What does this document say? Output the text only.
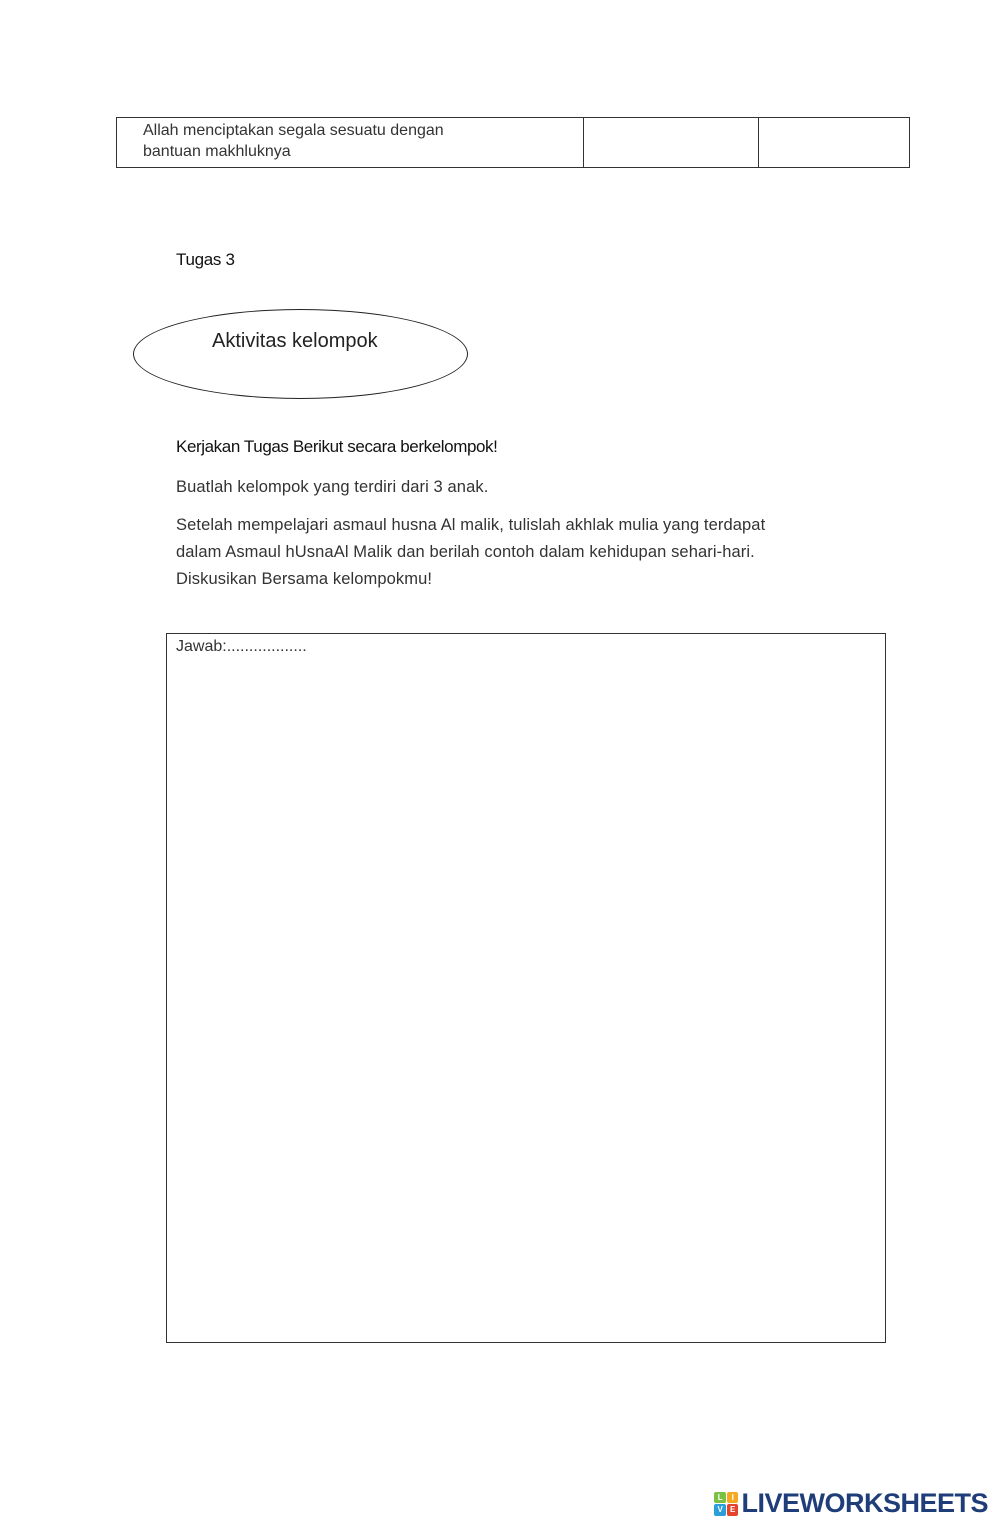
Allah menciptakan segala sesuatu dengan
bantuan makhluknya

Tugas 3
Aktivitas kelompok
Kerjakan Tugas Berikut secara berkelompok!
Buatlah kelompok yang terdiri dari 3 anak.
Setelah mempelajari asmaul husna Al malik, tulislah akhlak mulia yang terdapat
dalam Asmaul hUsnaAl Malik dan berilah contoh dalam kehidupan sehari-hari.
Diskusikan Bersama kelompokmu!
Jawab:..................
L	I
V E LIVEWORKSHEETS
